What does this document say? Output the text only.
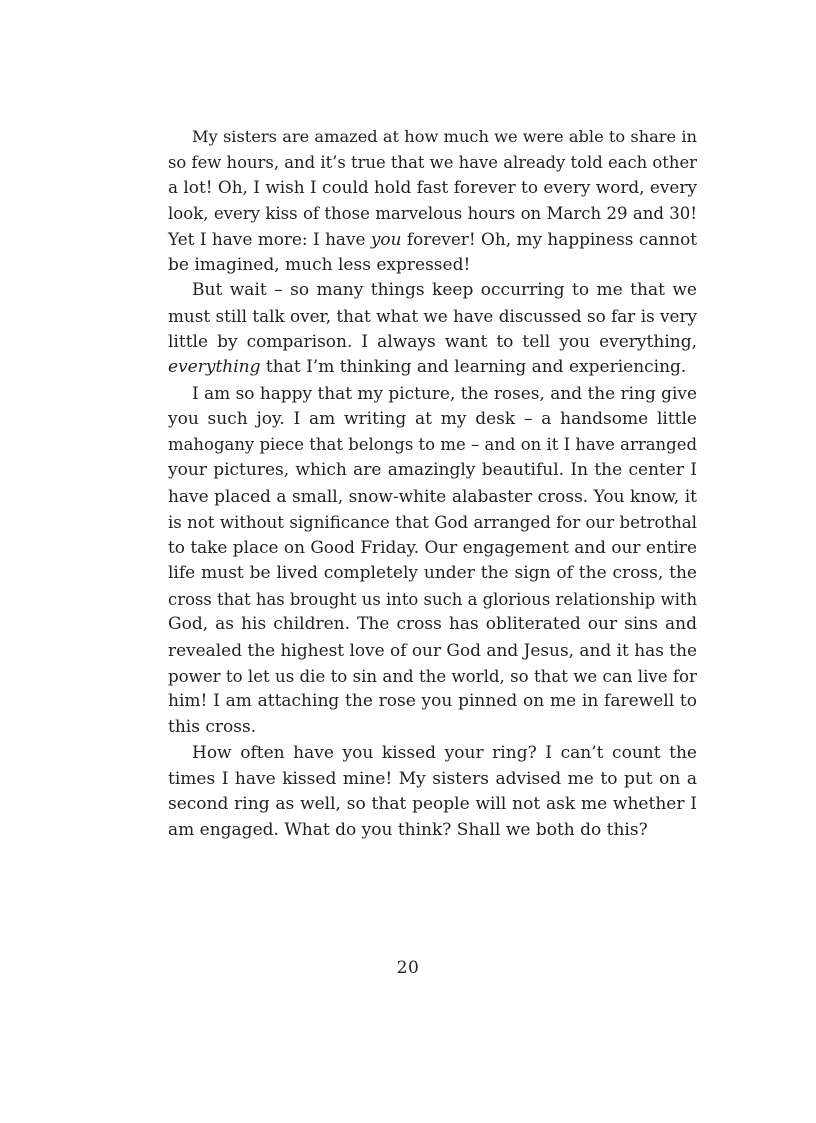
My sisters are amazed at how much we were able to share in
so few hours, and it’s true that we have already told each other
a lot! Oh, I wish I could hold fast forever to every word, every
look, every kiss of those marvelous hours on March 29 and 30!
Yet I have more: I have you forever! Oh, my happiness cannot
be imagined, much less expressed!

But wait – so many things keep occurring to me that we
must still talk over, that what we have discussed so far is very
little by comparison. I always want to tell you everything,
everything that I’m thinking and learning and experiencing.

I am so happy that my picture, the roses, and the ring give
you such joy. I am writing at my desk – a handsome little
mahogany piece that belongs to me – and on it I have arranged
your pictures, which are amazingly beautiful. In the center I
have placed a small, snow-white alabaster cross. You know, it
is not without significance that God arranged for our betrothal
to take place on Good Friday. Our engagement and our entire
life must be lived completely under the sign of the cross, the
cross that has brought us into such a glorious relationship with
God, as his children. The cross has obliterated our sins and
revealed the highest love of our God and Jesus, and it has the
power to let us die to sin and the world, so that we can live for
him! I am attaching the rose you pinned on me in farewell to
this cross.

How often have you kissed your ring? I can’t count the
times I have kissed mine! My sisters advised me to put on a
second ring as well, so that people will not ask me whether I
am engaged. What do you think? Shall we both do this?

20
